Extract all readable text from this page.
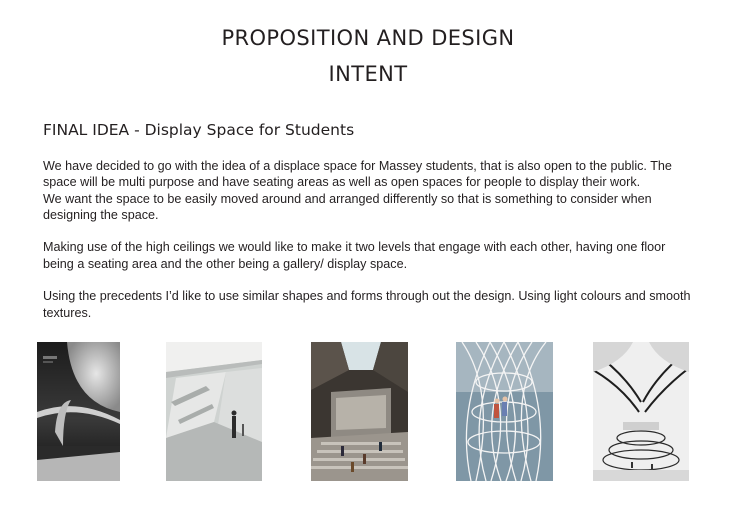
PROPOSITION AND DESIGN
INTENT
FINAL IDEA - Display Space for Students

We have decided to go with the idea of a displace space for Massey students, that is also open to the public. The
space will be multi purpose and have seating areas as well as open spaces for people to display their work.
We want the space to be easily moved around and arranged differently so that is something to consider when
designing the space.

Making use of the high ceilings we would like to make it two levels that engage with each other, having one floor
being a seating area and the other being a gallery/ display space.

Using the precedents I’d like to use similar shapes and forms through out the design. Using light colours and smooth
textures.
